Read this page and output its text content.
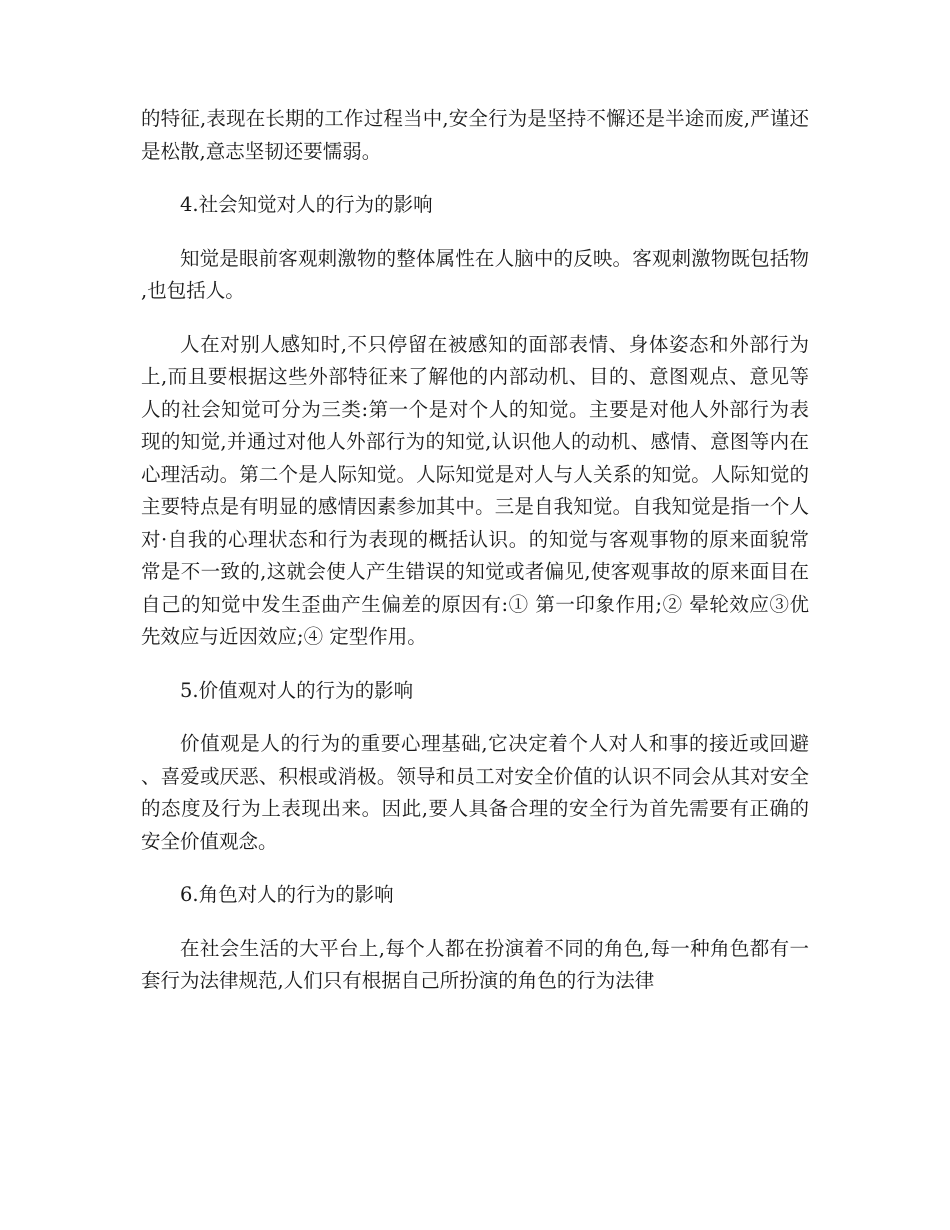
的特征,表现在长期的工作过程当中,安全行为是坚持不懈还是半途而废,严谨还是松散,意志坚韧还要懦弱。

4.社会知觉对人的行为的影响

知觉是眼前客观刺激物的整体属性在人脑中的反映。客观刺激物既包括物,也包括人。

人在对别人感知时,不只停留在被感知的面部表情、身体姿态和外部行为上,而且要根据这些外部特征来了解他的内部动机、目的、意图观点、意见等人的社会知觉可分为三类:第一个是对个人的知觉。主要是对他人外部行为表现的知觉,并通过对他人外部行为的知觉,认识他人的动机、感情、意图等内在心理活动。第二个是人际知觉。人际知觉是对人与人关系的知觉。人际知觉的主要特点是有明显的感情因素参加其中。三是自我知觉。自我知觉是指一个人对·自我的心理状态和行为表现的概括认识。的知觉与客观事物的原来面貌常常是不一致的,这就会使人产生错误的知觉或者偏见,使客观事故的原来面目在自己的知觉中发生歪曲产生偏差的原因有:① 第一印象作用;② 晕轮效应③优先效应与近因效应;④ 定型作用。

5.价值观对人的行为的影响

价值观是人的行为的重要心理基础,它决定着个人对人和事的接近或回避、喜爱或厌恶、积根或消极。领导和员工对安全价值的认识不同会从其对安全的态度及行为上表现出来。因此,要人具备合理的安全行为首先需要有正确的安全价值观念。

6.角色对人的行为的影响

在社会生活的大平台上,每个人都在扮演着不同的角色,每一种角色都有一套行为法律规范,人们只有根据自己所扮演的角色的行为法律
